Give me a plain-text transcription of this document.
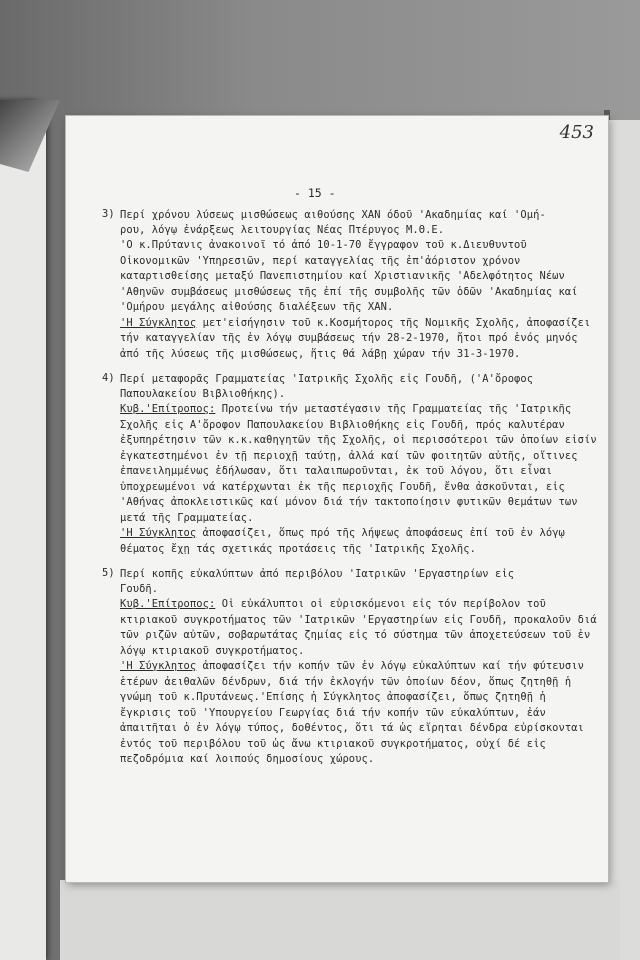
453
- 15 -
3) Περί χρόνου λύσεως μισθώσεως αιθούσης ΧΑΝ όδοῦ 'Ακαδημίας καί 'Ομή-
ρου, λόγῳ ἐνάρξεως λειτουργίας Νέας Πτέρυγος Μ.Θ.Ε.
'Ο κ.Πρύτανις ἀνακοινοῖ τό ἀπό 10-1-70 ἔγγραφον τοῦ κ.Διευθυντοῦ Οἰκονομικῶν 'Υπηρεσιῶν, περί καταγγελίας τῆς ἐπ'ἀόριστον χρόνον καταρτισθείσης μεταξύ Πανεπιστημίου καί Χριστιανικῆς 'Αδελφότητος Νέων 'Αθηνῶν συμβάσεως μισθώσεως τῆς ἐπί τῆς συμβολῆς τῶν ὁδῶν 'Ακαδημίας καί 'Ομήρου μεγάλης αἰθούσης διαλέξεων τῆς ΧΑΝ.
'Η Σύγκλητος μετ'εἰσήγησιν τοῦ κ.Κοσμήτορος τῆς Νομικῆς Σχολῆς, ἀποφασίζει τήν καταγγελίαν τῆς ἐν λόγῳ συμβάσεως τήν 28-2-1970, ἤτοι πρό ἑνός μηνός ἀπό τῆς λύσεως τῆς μισθώσεως, ἥτις θά λάβῃ χώραν τήν 31-3-1970.
4) Περί μεταφορᾶς Γραμματείας 'Ιατρικῆς Σχολῆς εἰς Γουδῆ, ('Α'ὄροφος
Παπουλακείου Βιβλιοθήκης).
Κυβ.'Επίτροπος: Προτείνω τήν μεταστέγασιν τῆς Γραμματείας τῆς 'Ιατρικῆς Σχολῆς εἰς Α'ὄροφον Παπουλακείου Βιβλιοθήκης εἰς Γουδῆ, πρός καλυτέραν ἐξυπηρέτησιν τῶν κ.κ.καθηγητῶν τῆς Σχολῆς, οἱ περισσότεροι τῶν ὁποίων εἰσίν ἐγκατεστημένοι ἐν τῇ περιοχῇ ταύτῃ, ἀλλά καί τῶν φοιτητῶν αὐτῆς, οἵτινες ἐπανειλημμένως ἐδήλωσαν, ὅτι ταλαιπωροῦνται, ἐκ τοῦ λόγου, ὅτι εἶναι ὑποχρεωμένοι νά κατέρχωνται ἐκ τῆς περιοχῆς Γουδῆ, ἔνθα ἀσκοῦνται, εἰς 'Αθήνας ἀποκλειστικῶς καί μόνον διά τήν τακτοποίησιν φυτικῶν θεμάτων των μετά τῆς Γραμματείας.
'Η Σύγκλητος ἀποφασίζει, ὅπως πρό τῆς λήψεως ἀποφάσεως ἐπί τοῦ ἐν λόγῳ θέματος ἔχῃ τάς σχετικάς προτάσεις τῆς 'Ιατρικῆς Σχολῆς.
5) Περί κοπῆς εὐκαλύπτων ἀπό περιβόλου 'Ιατρικῶν 'Εργαστηρίων εἰς
Γουδῆ.
Κυβ.'Επίτροπος: Οἱ εὐκάλυπτοι οἱ εὑρισκόμενοι εἰς τόν περίβολον τοῦ κτιριακοῦ συγκροτήματος τῶν 'Ιατρικῶν 'Εργαστηρίων εἰς Γουδῆ, προκαλοῦν διά τῶν ριζῶν αὐτῶν, σοβαρωτάτας ζημίας εἰς τό σύστημα τῶν ἀποχετεύσεων τοῦ ἐν λόγῳ κτιριακοῦ συγκροτήματος.
'Η Σύγκλητος ἀποφασίζει τήν κοπήν τῶν ἐν λόγῳ εὐκαλύπτων καί τήν φύτευσιν ἑτέρων ἀειθαλῶν δένδρων, διά τήν ἐκλογήν τῶν ὁποίων δέον, ὅπως ζητηθῇ ἡ γνώμη τοῦ κ.Πρυτάνεως.'Επίσης ἡ Σύγκλητος ἀποφασίζει, ὅπως ζητηθῇ ἡ ἔγκρισις τοῦ 'Υπουργείου Γεωργίας διά τήν κοπήν τῶν εὐκαλύπτων, ἐάν ἀπαιτῆται ὁ ἐν λόγῳ τύπος, δοθέντος, ὅτι τά ὡς εἴρηται δένδρα εὑρίσκονται ἐντός τοῦ περιβόλου τοῦ ὡς ἄνω κτιριακοῦ συγκροτήματος, οὐχί δέ εἰς πεζοδρόμια καί λοιπούς δημοσίους χώρους.
